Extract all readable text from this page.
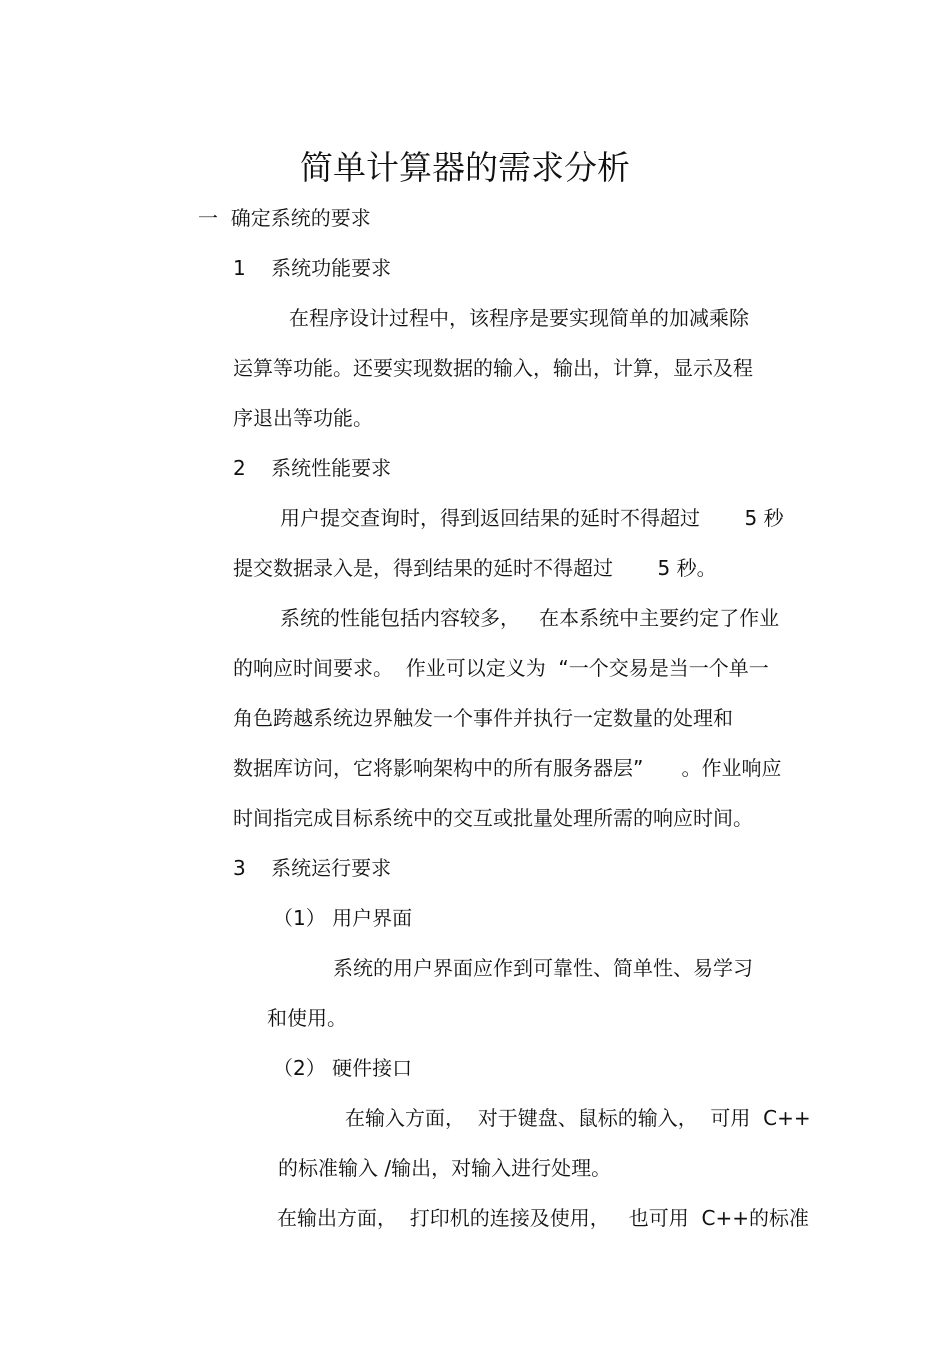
简单计算器的需求分析
一  确定系统的要求
1    系统功能要求
在程序设计过程中，该程序是要实现简单的加减乘除
运算等功能。还要实现数据的输入，输出，计算，显示及程
序退出等功能。
2    系统性能要求
用户提交查询时，得到返回结果的延时不得超过       5 秒
提交数据录入是，得到结果的延时不得超过       5 秒。
系统的性能包括内容较多，   在本系统中主要约定了作业
的响应时间要求。  作业可以定义为  “一个交易是当一个单一
角色跨越系统边界触发一个事件并执行一定数量的处理和
数据库访问，它将影响架构中的所有服务器层”      。作业响应
时间指完成目标系统中的交互或批量处理所需的响应时间。
3    系统运行要求
（1） 用户界面
系统的用户界面应作到可靠性、简单性、易学习
和使用。
（2） 硬件接口
在输入方面，  对于键盘、鼠标的输入，  可用  C++
的标准输入 /输出，对输入进行处理。
在输出方面，  打印机的连接及使用，   也可用  C++的标准
